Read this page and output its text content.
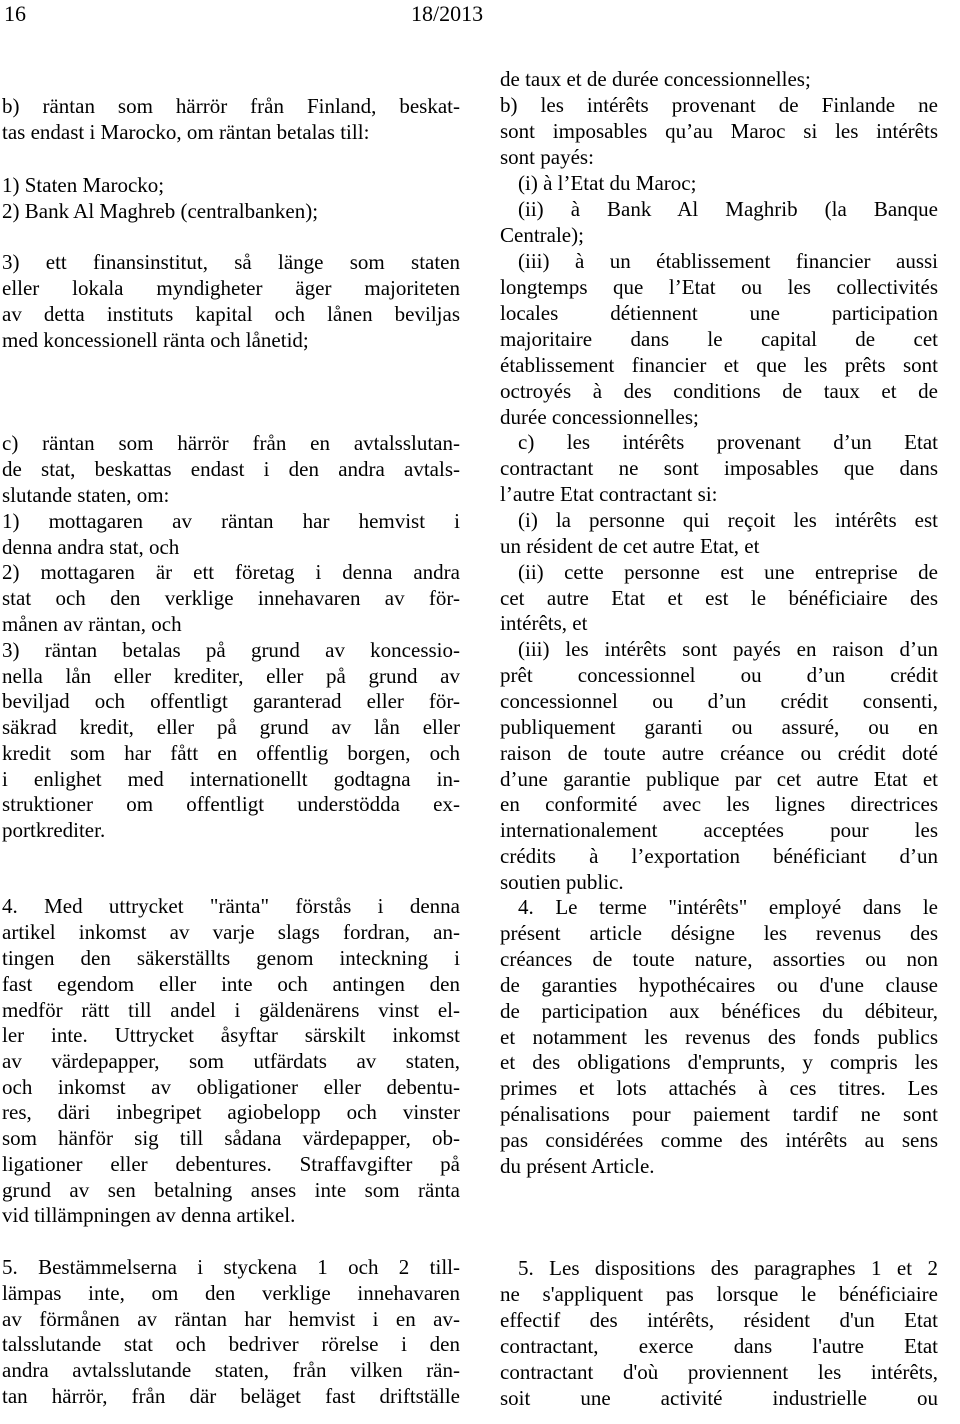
16	18/2013
b) räntan som härrör från Finland, beskat-
tas endast i Marocko, om räntan betalas till:
1) Staten Marocko;
2) Bank Al Maghreb (centralbanken);
3) ett finansinstitut, så länge som staten
eller lokala myndigheter äger majoriteten
av detta instituts kapital och lånen beviljas
med koncessionell ränta och lånetid;
c) räntan som härrör från en avtalsslutan-
de stat, beskattas endast i den andra avtals-
slutande staten, om:
1) mottagaren av räntan har hemvist i
denna andra stat, och
2) mottagaren är ett företag i denna andra
stat och den verklige innehavaren av för-
månen av räntan, och
3) räntan betalas på grund av koncessio-
nella lån eller krediter, eller på grund av
beviljad och offentligt garanterad eller för-
säkrad kredit, eller på grund av lån eller
kredit som har fått en offentlig borgen, och
i enlighet med internationellt godtagna in-
struktioner om offentligt understödda ex-
portkrediter.
4. Med uttrycket "ränta" förstås i denna
artikel inkomst av varje slags fordran, an-
tingen den säkerställts genom inteckning i
fast egendom eller inte och antingen den
medför rätt till andel i gäldenärens vinst el-
ler inte. Uttrycket åsyftar särskilt inkomst
av värdepapper, som utfärdats av staten,
och inkomst av obligationer eller debentu-
res, däri inbegripet agiobelopp och vinster
som hänför sig till sådana värdepapper, ob-
ligationer eller debentures. Straffavgifter på
grund av sen betalning anses inte som ränta
vid tillämpningen av denna artikel.
5. Bestämmelserna i styckena 1 och 2 till-
lämpas inte, om den verklige innehavaren
av förmånen av räntan har hemvist i en av-
talsslutande stat och bedriver rörelse i den
andra avtalsslutande staten, från vilken rän-
tan härrör, från där beläget fast driftställe
de taux et de durée concessionnelles;
b) les intérêts provenant de Finlande ne
sont imposables qu’au Maroc si les intérêts
sont payés:
(i) à l’Etat du Maroc;
(ii) à Bank Al Maghrib (la Banque
Centrale);
(iii) à un établissement financier aussi
longtemps que l’Etat ou les collectivités
locales détiennent une participation
majoritaire dans le capital de cet
établissement financier et que les prêts sont
octroyés à des conditions de taux et de
durée concessionnelles;
c) les intérêts provenant d’un Etat
contractant ne sont imposables que dans
l’autre Etat contractant si:
(i) la personne qui reçoit les intérêts est
un résident de cet autre Etat, et
(ii) cette personne est une entreprise de
cet autre Etat et est le bénéficiaire des
intérêts, et
(iii) les intérêts sont payés en raison d’un
prêt concessionnel ou d’un crédit
concessionnel ou d’un crédit consenti,
publiquement garanti ou assuré, ou en
raison de toute autre créance ou crédit doté
d’une garantie publique par cet autre Etat et
en conformité avec les lignes directrices
internationalement acceptées pour les
crédits à l’exportation bénéficiant d’un
soutien public.
4. Le terme "intérêts" employé dans le
présent article désigne les revenus des
créances de toute nature, assorties ou non
de garanties hypothécaires ou d'une clause
de participation aux bénéfices du débiteur,
et notamment les revenus des fonds publics
et des obligations d'emprunts, y compris les
primes et lots attachés à ces titres. Les
pénalisations pour paiement tardif ne sont
pas considérées comme des intérêts au sens
du présent Article.
5. Les dispositions des paragraphes 1 et 2
ne s'appliquent pas lorsque le bénéficiaire
effectif des intérêts, résident d'un Etat
contractant, exerce dans l'autre Etat
contractant d'où proviennent les intérêts,
soit une activité industrielle ou
